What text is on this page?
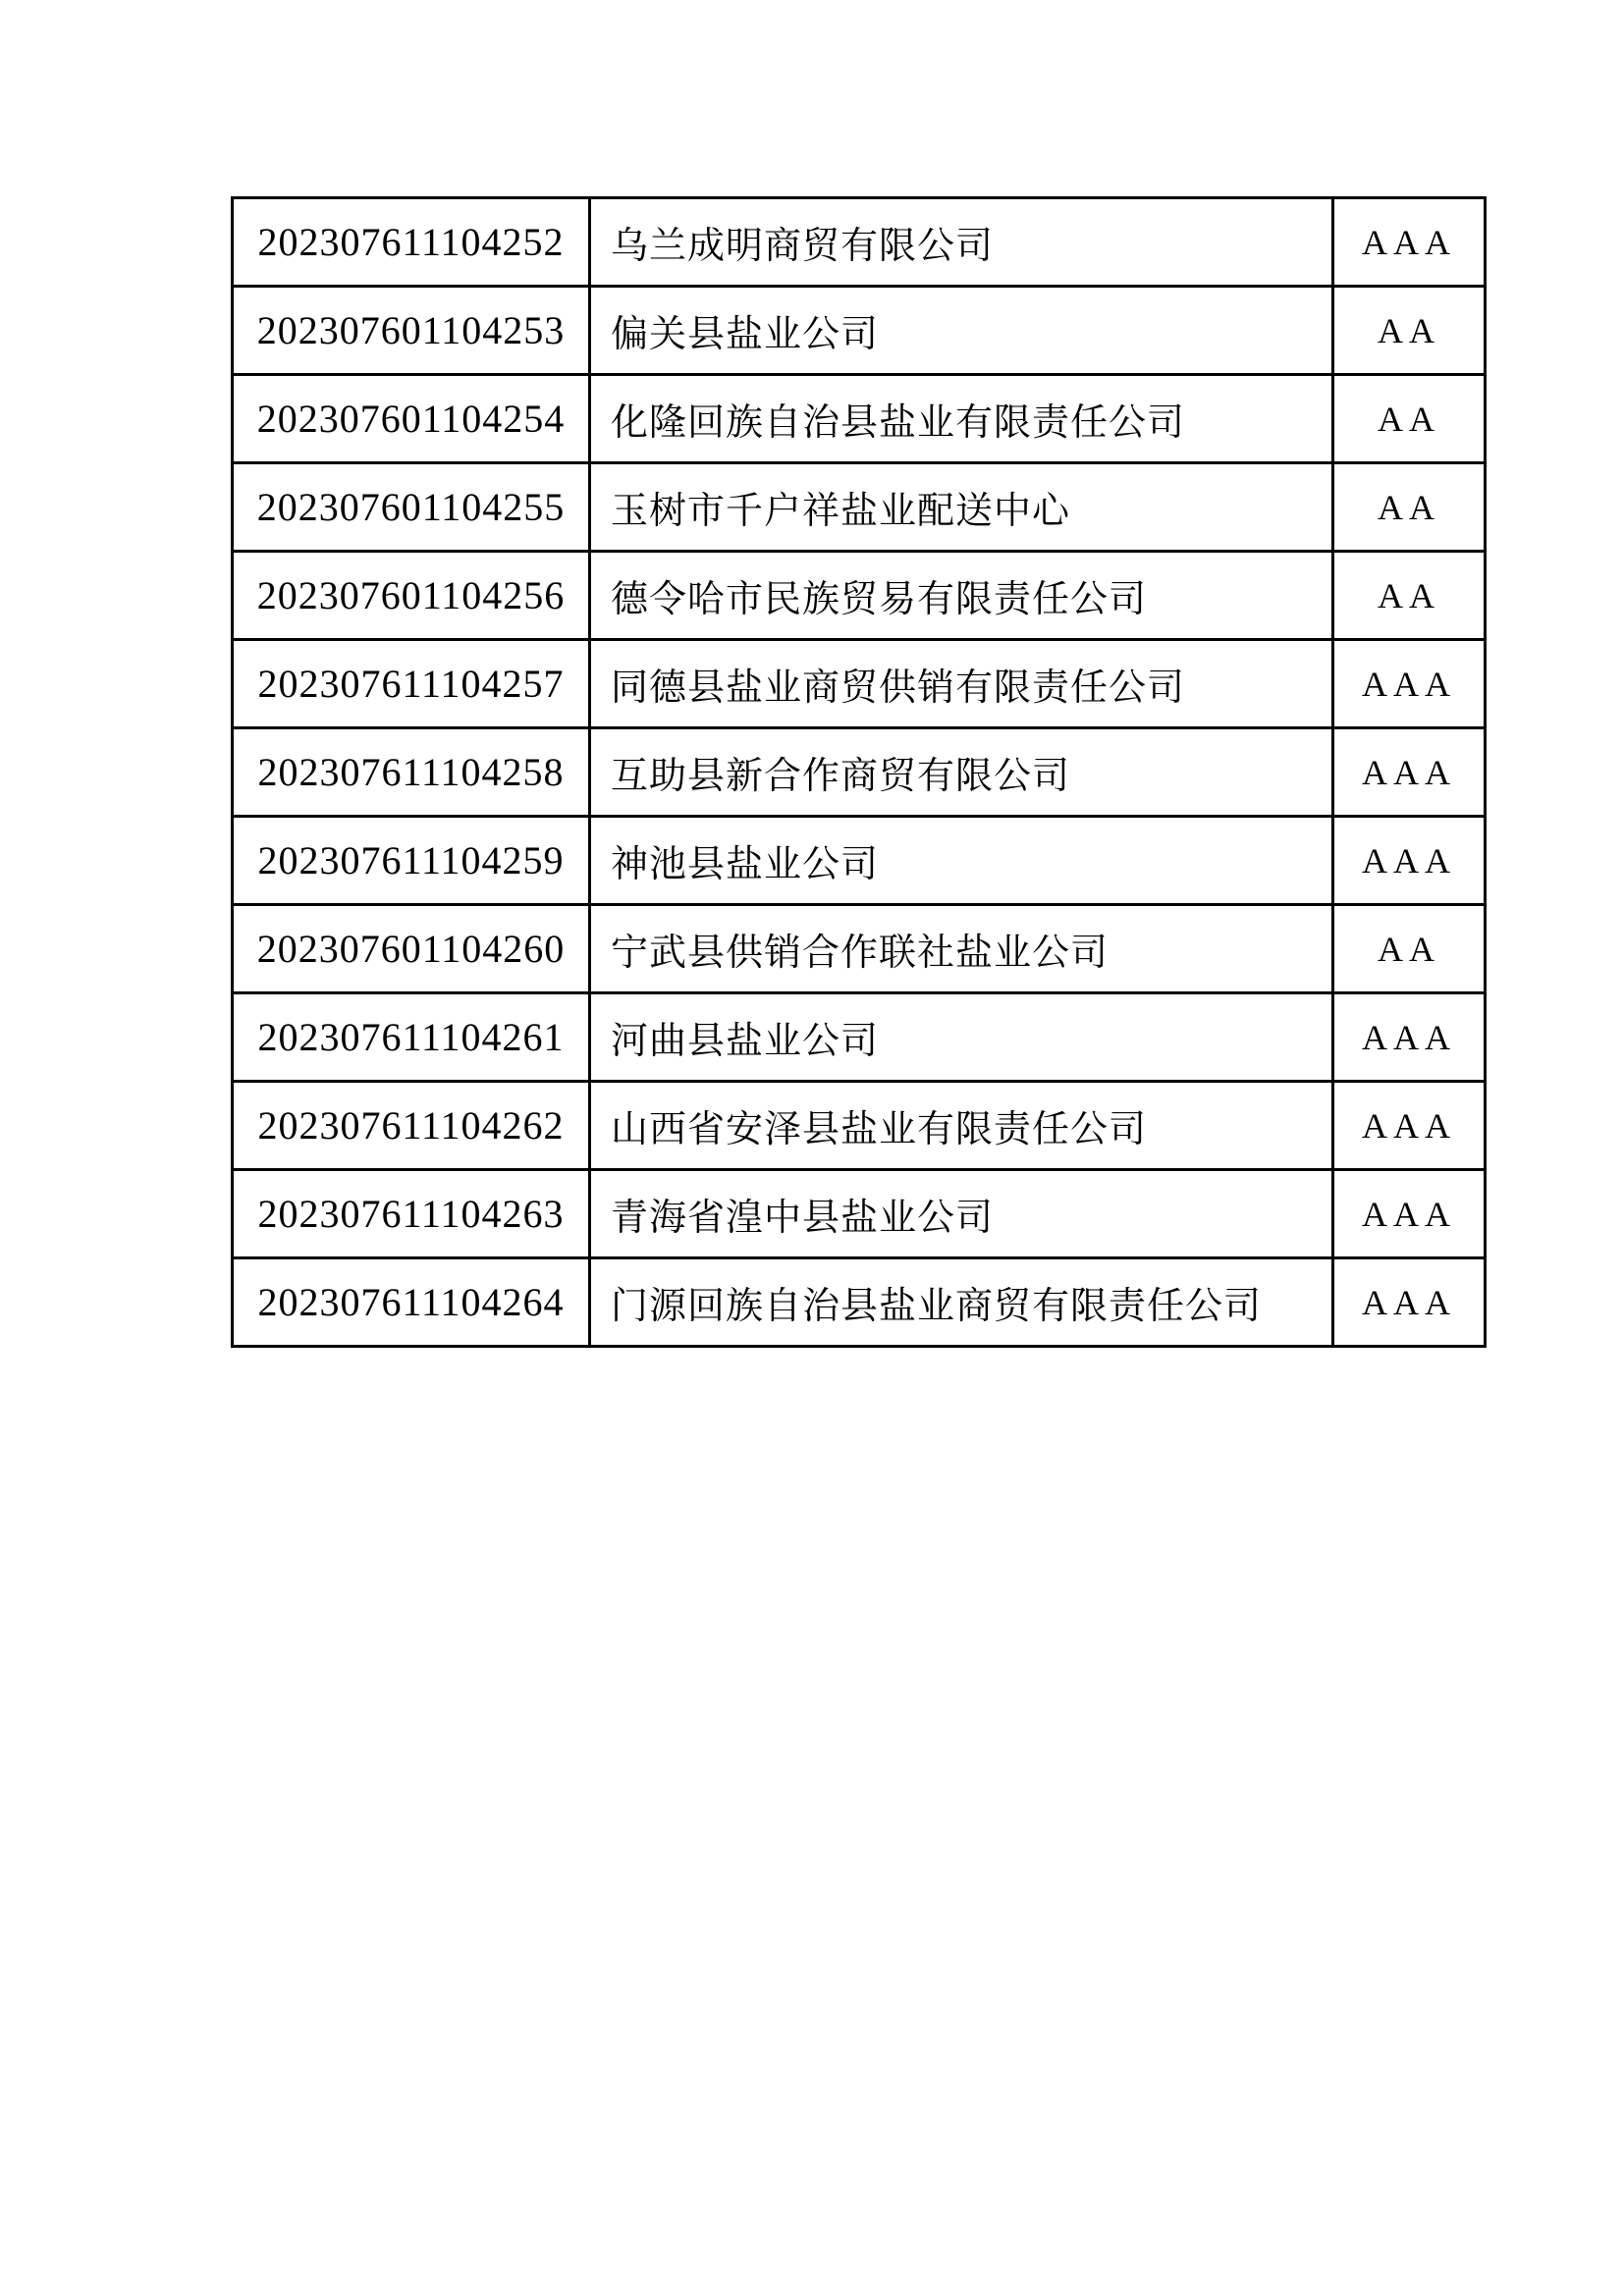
202307611104252	乌兰成明商贸有限公司	AAA
202307601104253	偏关县盐业公司	AA
202307601104254	化隆回族自治县盐业有限责任公司	AA
202307601104255	玉树市千户祥盐业配送中心	AA
202307601104256	德令哈市民族贸易有限责任公司	AA
202307611104257	同德县盐业商贸供销有限责任公司	AAA
202307611104258	互助县新合作商贸有限公司	AAA
202307611104259	神池县盐业公司	AAA
202307601104260	宁武县供销合作联社盐业公司	AA
202307611104261	河曲县盐业公司	AAA
202307611104262	山西省安泽县盐业有限责任公司	AAA
202307611104263	青海省湟中县盐业公司	AAA
202307611104264	门源回族自治县盐业商贸有限责任公司	AAA
